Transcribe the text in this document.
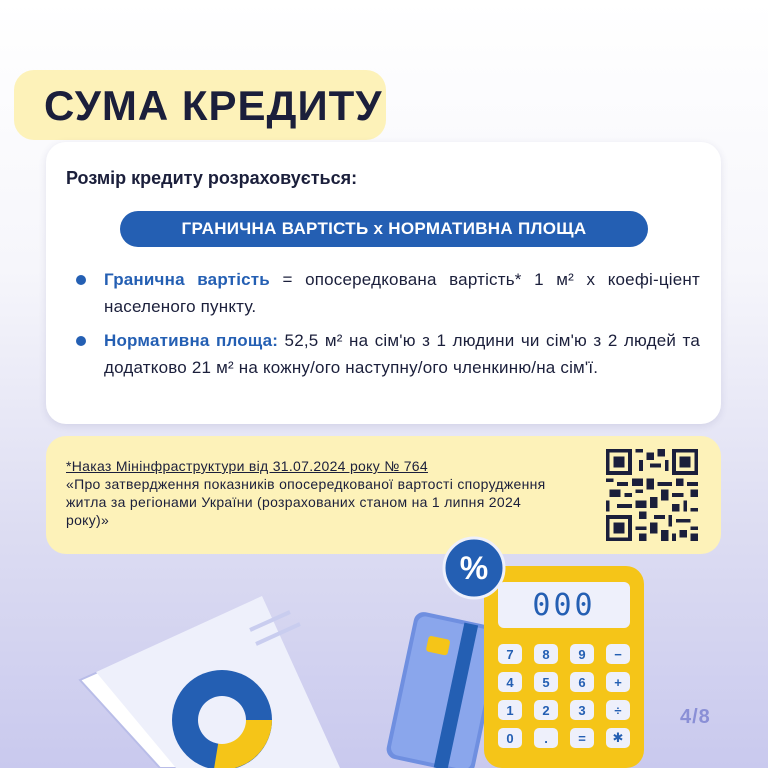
СУМА КРЕДИТУ
Розмір кредиту розраховується:
ГРАНИЧНА ВАРТІСТЬ х НОРМАТИВНА ПЛОЩА
Гранична вартість = опосередкована вартість* 1 м² х коефі-ціент населеного пункту.
Нормативна площа: 52,5 м² на сім'ю з 1 людини чи сім'ю з 2 людей та додатково 21 м² на кожну/ого наступну/ого членкиню/на сім'ї.
*Наказ Мінінфраструктури від 31.07.2024 року № 764
«Про затвердження показників опосередкованої вартості спорудження житла за регіонами України (розрахованих станом на 1 липня 2024 року)»
000
%
7	8	9	−
4	5	6	+
1	2	3	÷
0	.	=	✱
4/8
